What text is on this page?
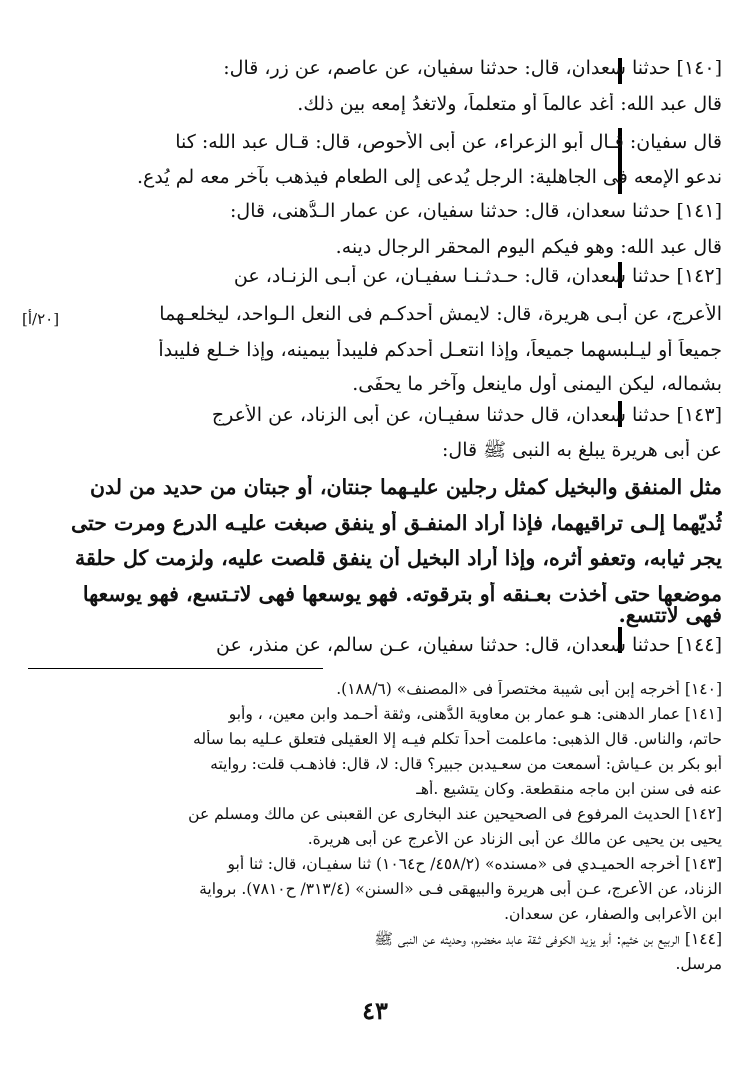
[١٤٠] حدثنا سعدان، قال: حدثنا سفيان، عن عاصم، عن زر، قال:

قال عبد الله: أُغد عالماً أو متعلماً، ولاتغدُ إمعه بين ذلك.

قال سفيان: قـال أبو الزعراء، عن أبى الأحوص، قال: قـال عبد الله: كنا

ندعو الإمعه فى الجاهلية: الرجل يُدعى إلى الطعام فيذهب بآخر معه لم يُدع.

[١٤١] حدثنا سعدان، قال: حدثنا سفيان، عن عمار الـدُّهنى، قال:

قال عبد الله: وهو فيكم اليوم المحقر الرجال دينه.

[١٤٢] حدثنا سعدان، قال: حـدثـنـا سفيـان، عن أبـى الزنـاد، عن

الأعرج، عن أبـى هريرة، قال: لايمش أحدكـم فى النعل الـواحد، ليخلعـهما

جميعاً أو ليـلبسهما جميعاً، وإذا انتعـل أحدكم فليبدأ بيمينه، وإذا خـلع فليبدأ

بشماله، ليكن اليمنى أول ماينعل وآخر ما يحفَى.

[١٤٣] حدثنا سعدان، قال حدثنا سفيـان، عن أبى الزناد، عن الأعرج

عن أبى هريرة يبلغ به النبى ﷺ قال:

[٢٠/أ]

مثل المنفق والبخيل كمثل رجلين عليـهما جنتان، أو جبتان من حديد من لدن

ثُديّهما إلـى تراقيهما، فإذا أراد المنفـق أو ينفق صبغت عليـه الدرع ومرت حتى

يجر ثيابه، وتعفو أثره، وإذا أراد البخيل أن ينفق قلصت عليه، ولزمت كل حلقة

موضعها حتى أخذت بعـنقه أو بترقوته. فهو يوسعها فهى لاتـتسع، فهو يوسعها

فهى لاتتسع.

[١٤٤] حدثنا سعدان، قال: حدثنا سفيان، عـن سالم، عن منذر، عن

[١٤٠] أخرجه إبن أبى شيبة مختصراً فى «المصنف» (١٨٨/٦).

[١٤١] عمار الدهنى: هـو عمار بن معاوية الدُّهنى، وثقة أحـمد وابن معين، ، وأبو

حاتم، والناس. قال الذهبى: ماعلمت أحداً تكلم فيـه إلا العقيلى فتعلق عـليه بما سأله

أبو بكر بن عـياش: أسمعت من سعـيدبن جبير؟ قال: لا، قال: فاذهـب قلت: روايته

عنه فى سنن ابن ماجه منقطعة. وكان يتشيع .أهـ

[١٤٢] الحديث المرفوع فى الصحيحين عند البخارى عن القعبنى عن مالك ومسلم عن

يحيى بن يحيى عن مالك عن أبى الزناد عن الأعرج عن أبى هريرة.

[١٤٣] أخرجه الحميـدي فى «مسنده» (٤٥٨/٢/ ح١٠٦٤) ثنا سفيـان، قال: ثنا أبو

الزناد، عن الأعرج، عـن أبى هريرة والبيهقى فـى «السنن» (٣١٣/٤/ ح٧٨١٠). برواية

ابن الأعرابى والصفار، عن سعدان.

[١٤٤] الربيع بن خثيم: أبو يزيد الكوفى ثـقة عابد مخضرم، وحديثه عن النبى ﷺ

مرسل.

٤٣
